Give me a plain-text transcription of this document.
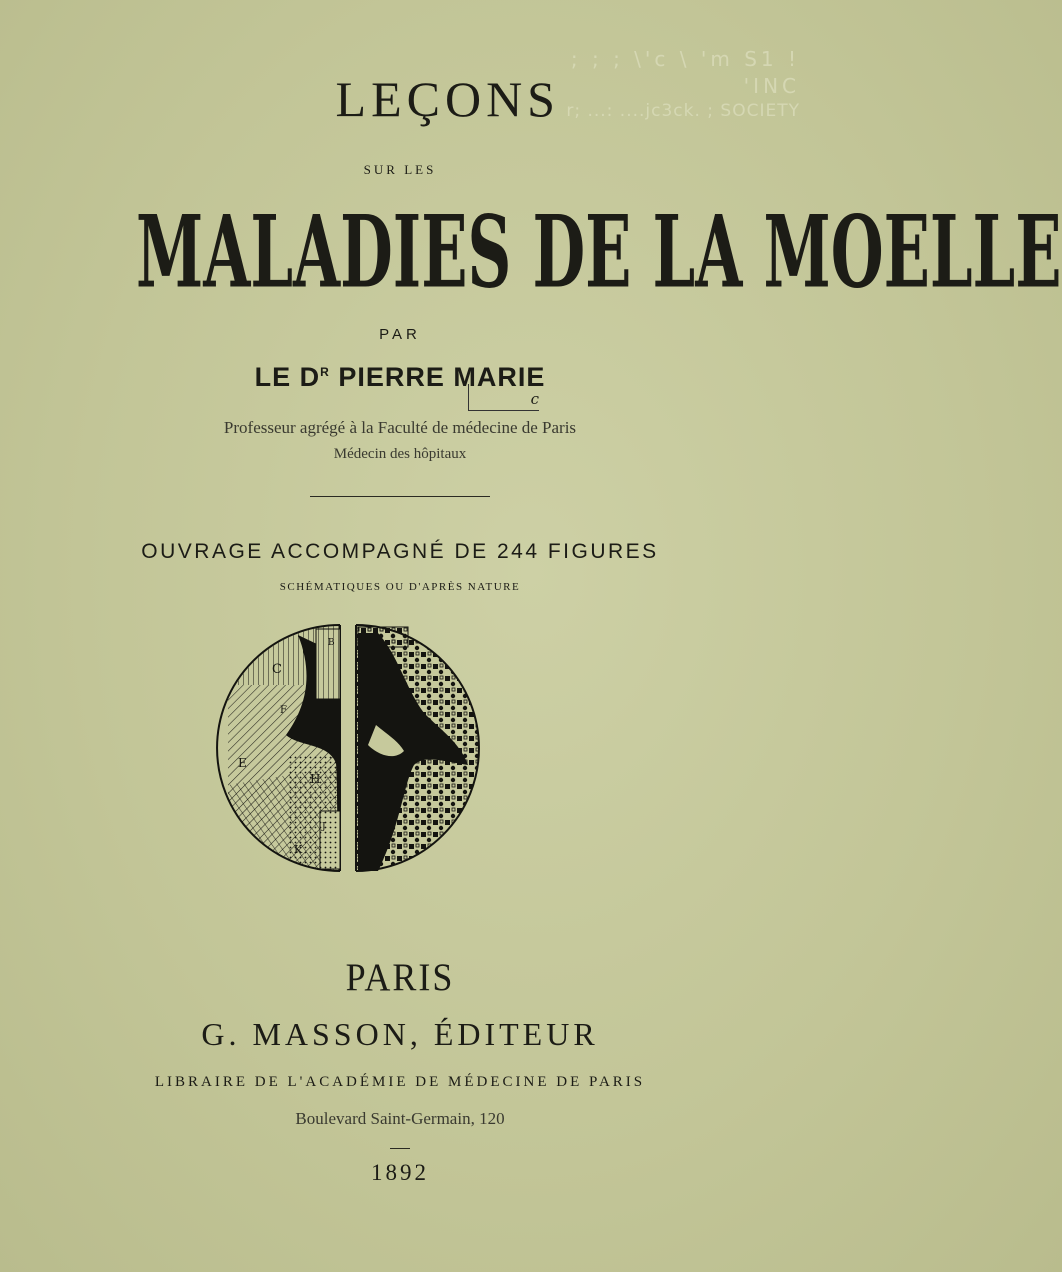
; ; ; \'c \ 'm S1 ! 'INC
r; ...: ....jc3ck. ; SOCIETY
LEÇONS
SUR LES
MALADIES DE LA MOELLE
PAR
LE $D^R$ PIERRE MARIE
c
Professeur agrégé à la Faculté de médecine de Paris
Médecin des hôpitaux
OUVRAGE ACCOMPAGNÉ DE 244 FIGURES
SCHÉMATIQUES OU D'APRÈS NATURE
C
B
F
E
H
K
J
PARIS
G. MASSON, ÉDITEUR
LIBRAIRE DE L'ACADÉMIE DE MÉDECINE DE PARIS
Boulevard Saint-Germain, 120
1892
